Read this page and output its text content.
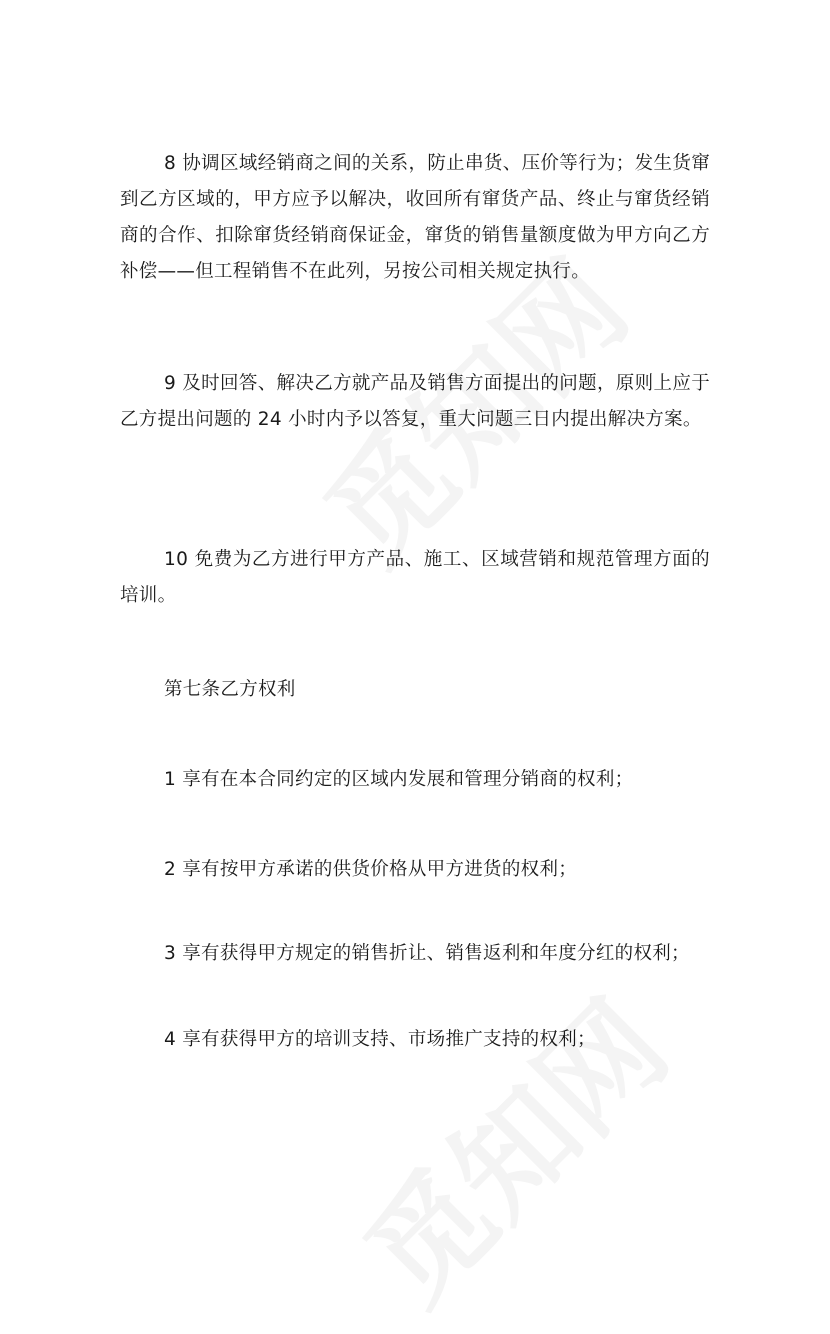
8 协调区域经销商之间的关系，防止串货、压价等行为；发生货窜到乙方区域的，甲方应予以解决，收回所有窜货产品、终止与窜货经销商的合作、扣除窜货经销商保证金，窜货的销售量额度做为甲方向乙方补偿——但工程销售不在此列，另按公司相关规定执行。

9 及时回答、解决乙方就产品及销售方面提出的问题，原则上应于乙方提出问题的 24 小时内予以答复，重大问题三日内提出解决方案。

10 免费为乙方进行甲方产品、施工、区域营销和规范管理方面的培训。

第七条乙方权利

1 享有在本合同约定的区域内发展和管理分销商的权利；

2 享有按甲方承诺的供货价格从甲方进货的权利；

3 享有获得甲方规定的销售折让、销售返利和年度分红的权利；

4 享有获得甲方的培训支持、市场推广支持的权利；
